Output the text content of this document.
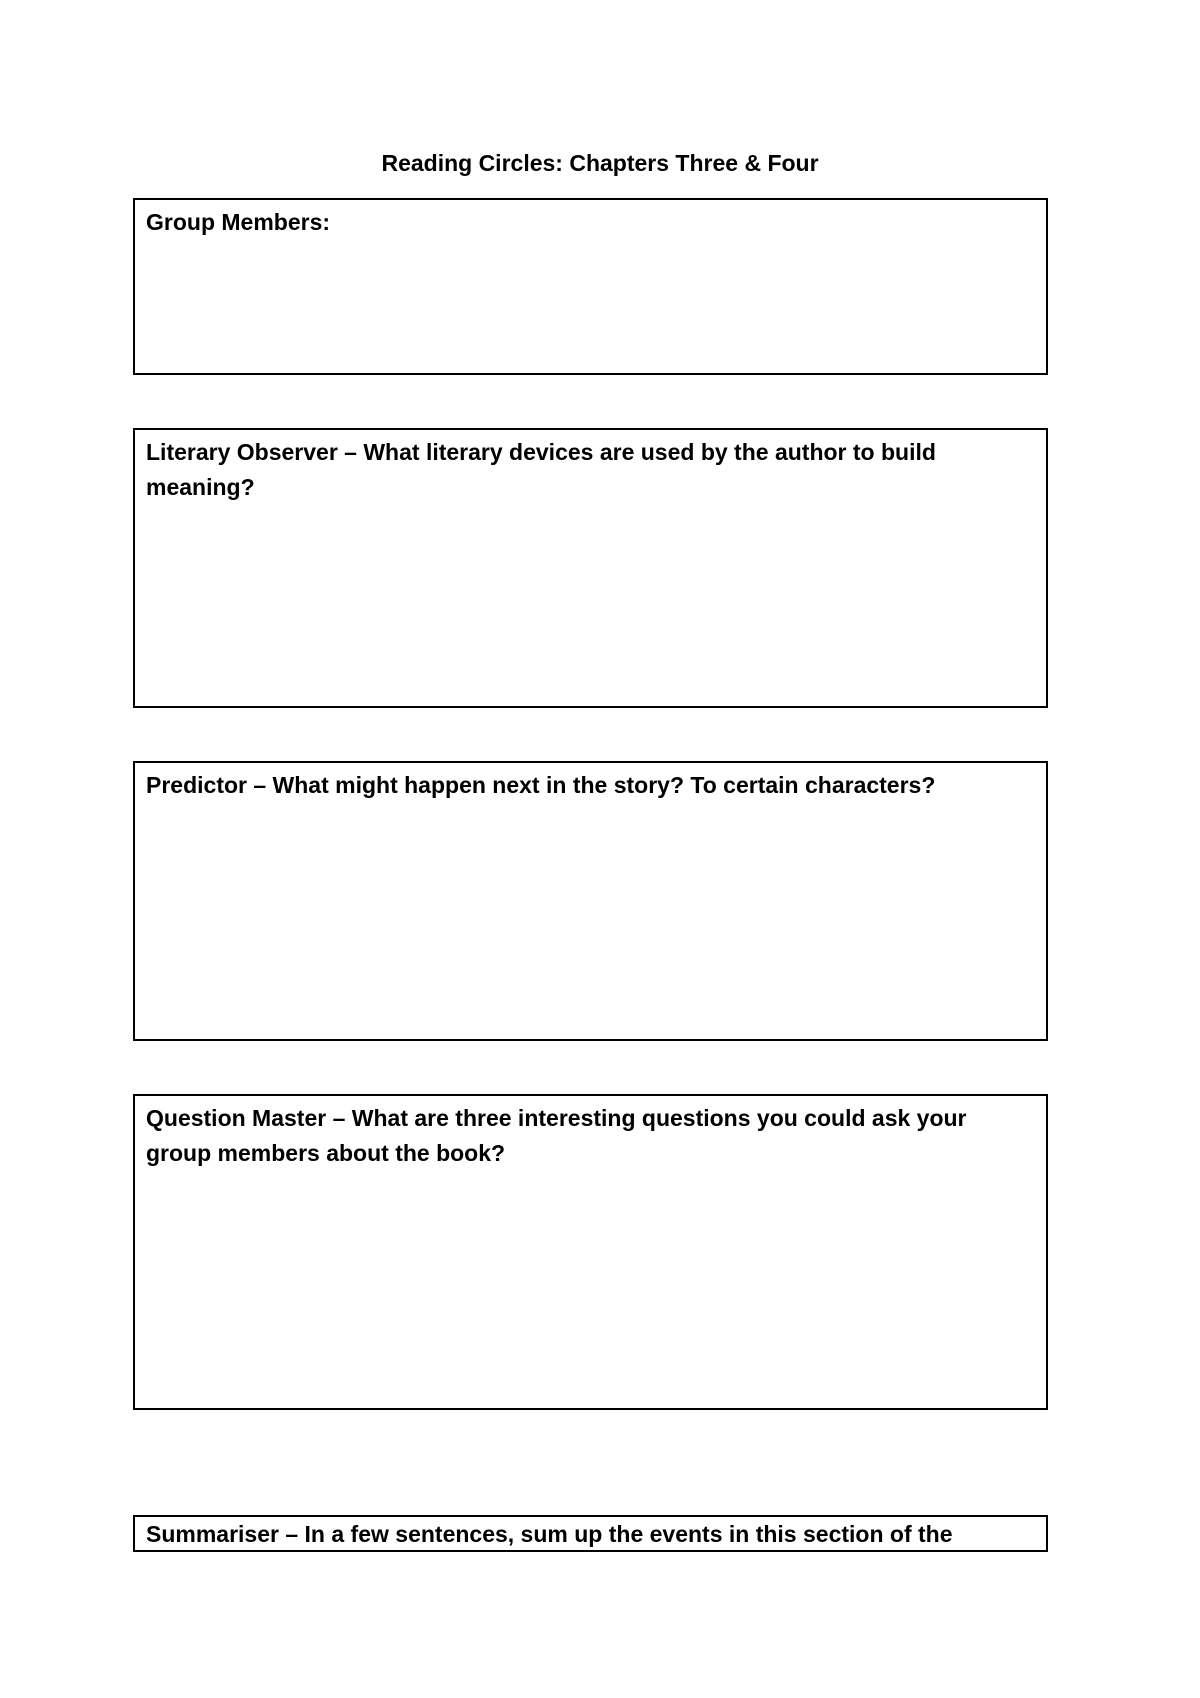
Reading Circles: Chapters Three & Four
Group Members:
Literary Observer – What literary devices are used by the author to build meaning?
Predictor – What might happen next in the story? To certain characters?
Question Master – What are three interesting questions you could ask your group members about the book?
Summariser – In a few sentences, sum up the events in this section of the
